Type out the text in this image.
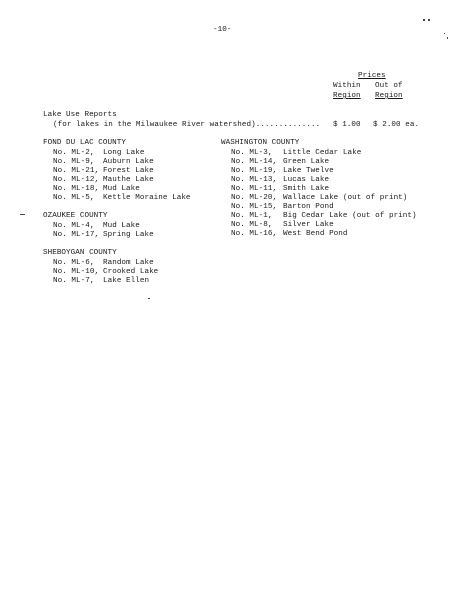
-10-
Prices
Within
Region
Out of
Region
Lake Use Reports
(for lakes in the Milwaukee River watershed).............. $ 1.00 $ 2.00 ea.
FOND DU LAC COUNTY
No. ML-2, Long Lake
No. ML-9, Auburn Lake
No. ML-21, Forest Lake
No. ML-12, Mauthe Lake
No. ML-18, Mud Lake
No. ML-5, Kettle Moraine Lake
OZAUKEE COUNTY
No. ML-4, Mud Lake
No. ML-17, Spring Lake
SHEBOYGAN COUNTY
No. ML-6, Random Lake
No. ML-10, Crooked Lake
No. ML-7, Lake Ellen
WASHINGTON COUNTY
No. ML-3, Little Cedar Lake
No. ML-14, Green Lake
No. ML-19, Lake Twelve
No. ML-13, Lucas Lake
No. ML-11, Smith Lake
No. ML-20, Wallace Lake (out of print)
No. ML-15, Barton Pond
No. ML-1, Big Cedar Lake (out of print)
No. ML-8, Silver Lake
No. ML-16, West Bend Pond
